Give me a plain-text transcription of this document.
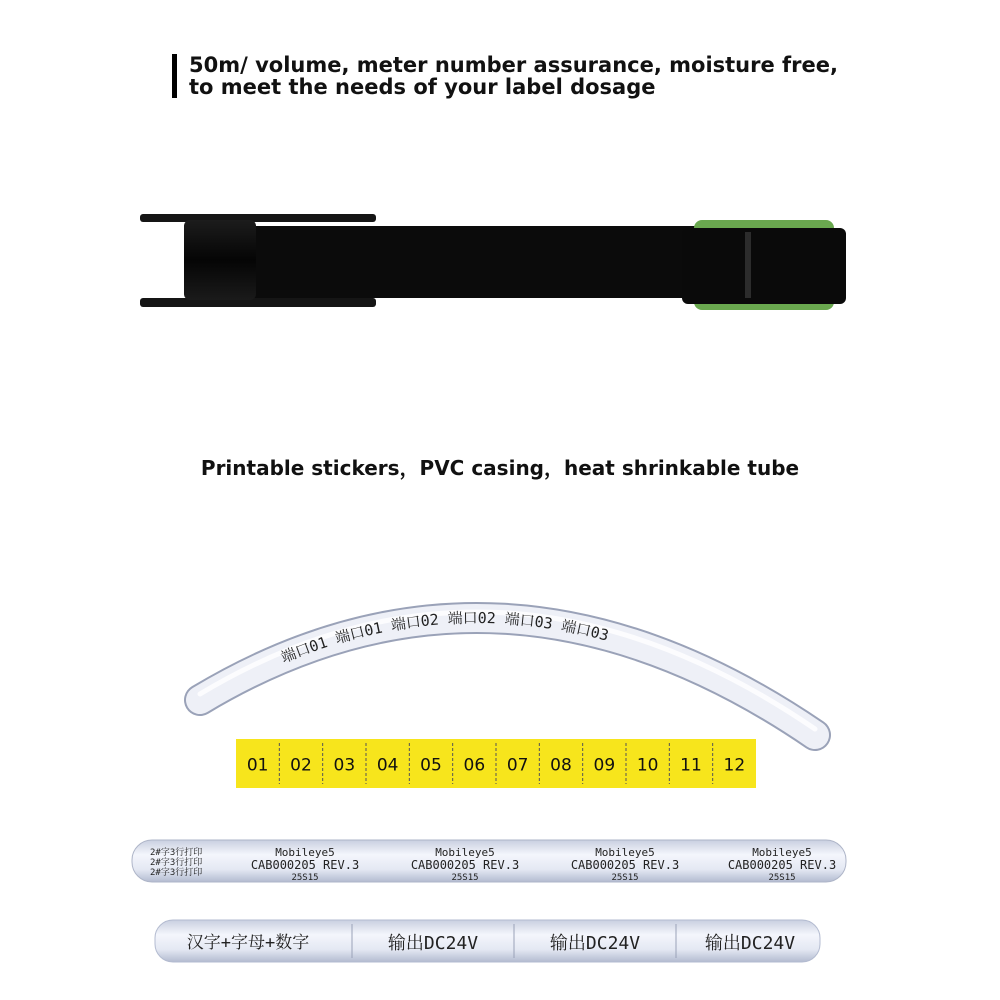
50m/ volume, meter number assurance, moisture free,
to meet the needs of your label dosage
端口01 端口01 端口02 端口02 端口03 端口03
01 02 03 04 05 06 07 08 09 10 11 12
2#字3行打印
2#字3行打印
2#字3行打印
Mobileye5
CAB000205 REV.3
25S15
Mobileye5
CAB000205 REV.3
25S15
Mobileye5
CAB000205 REV.3
25S15
Mobileye5
CAB000205 REV.3
25S15
汉字+字母+数字	输出DC24V	输出DC24V	输出DC24V
Printable stickers，PVC casing，heat shrinkable tube
